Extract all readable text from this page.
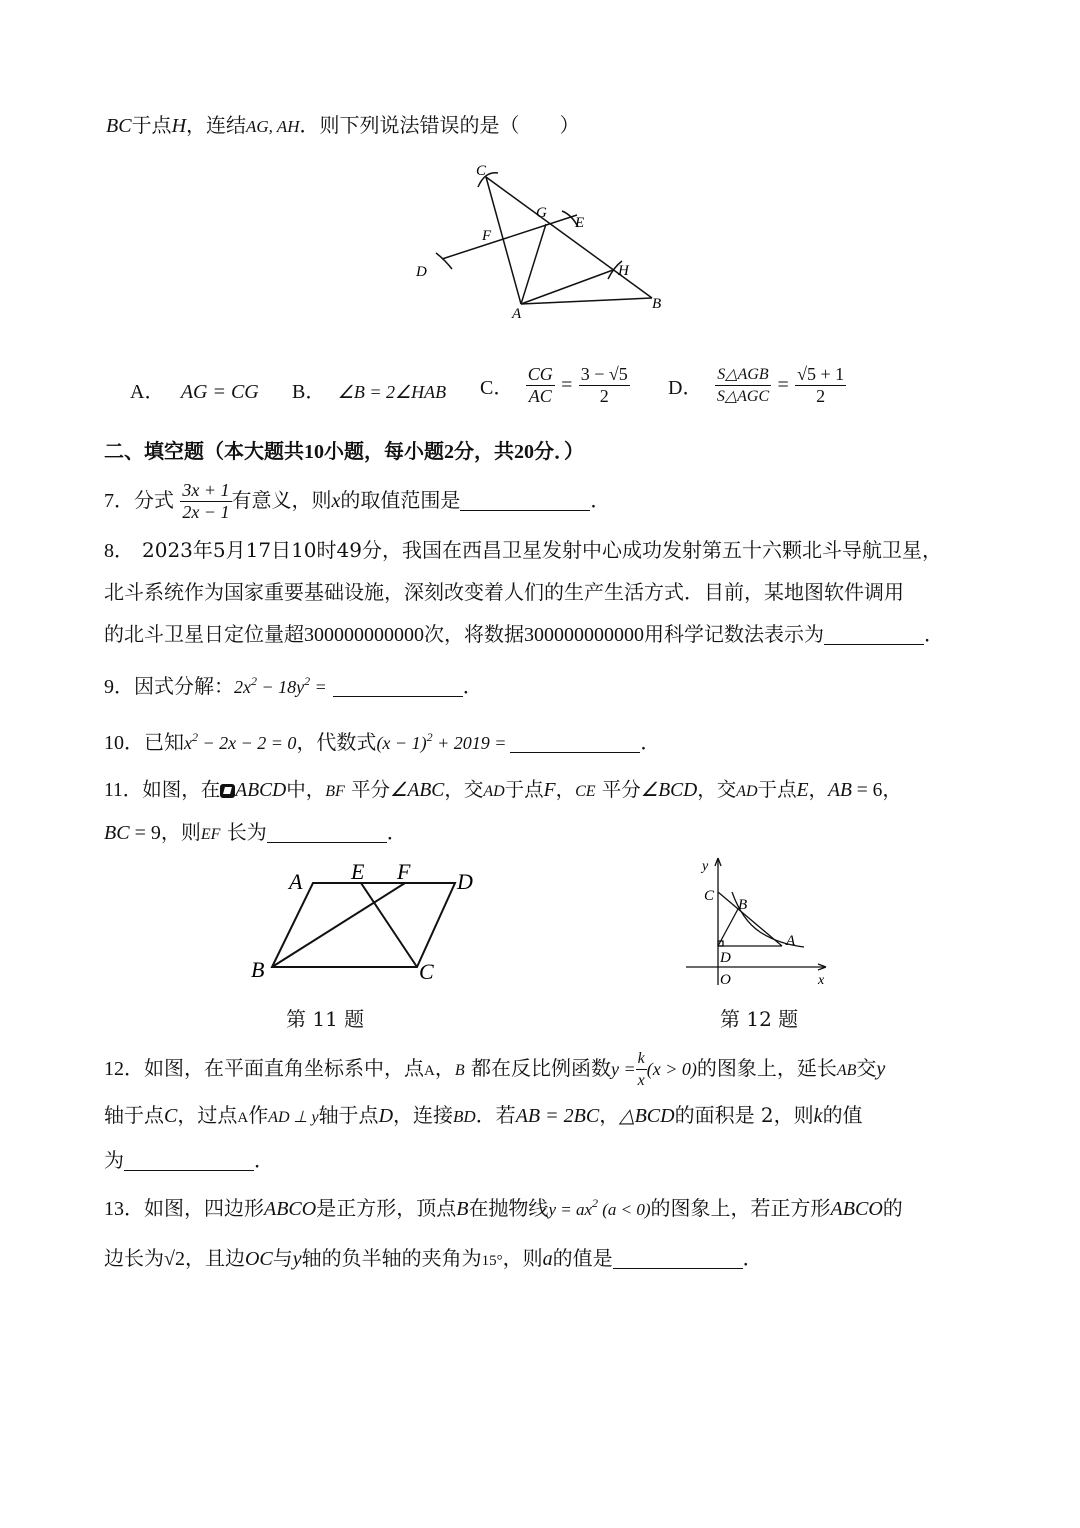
BC于点H，连结AG, AH．则下列说法错误的是（　　）
C
G
E
F
D	H
A
B
A． AG = CG B． ∠B = 2∠HAB C． $\frac{CG}{AC} = \frac{3 - √5}{2}$ D． $\frac{\text{S△AGB}}{\text{S△AGC}} = \frac{√5 + 1}{2}$
二、填空题（本大题共10小题，每小题2分，共20分．）
7．分式 $\frac{3x + 1}{2x - 1}$ 有意义，则x的取值范围是	．
8． 2023年5月17日10时49分，我国在西昌卫星发射中心成功发射第五十六颗北斗导航卫星，
北斗系统作为国家重要基础设施，深刻改变着人们的生产生活方式．目前，某地图软件调用
的北斗卫星日定位量超300000000000次，将数据300000000000用科学记数法表示为	．
9．因式分解：$2x^2 - 18y^2$ =	．
10．已知$x^2 - 2x - 2 = 0$，代数式$(x - 1)^2 + 2019$ =	．
11．如图，在 ABCD中，BF 平分∠ABC，交AD于点F，CE 平分∠BCD，交AD于点E，AB = 6，
BC = 9，则EF 长为	．
A E F D
B	C
第 11 题
y
C
B
A
D
O	x
第 12 题
12．如图，在平面直角坐标系中，点A，B 都在反比例函数$y = \frac{k}{x} (x > 0)$的图象上，延长AB交y
轴于点C，过点A作AD ⊥ y轴于点D，连接BD．若AB = 2BC，△BCD的面积是 2，则k的值
为	．
13．如图，四边形ABCO是正方形，顶点B在抛物线$y = ax^2$ (a < 0)的图象上，若正方形ABCO的
边长为√2，且边OC与y轴的负半轴的夹角为15°，则a的值是	．
